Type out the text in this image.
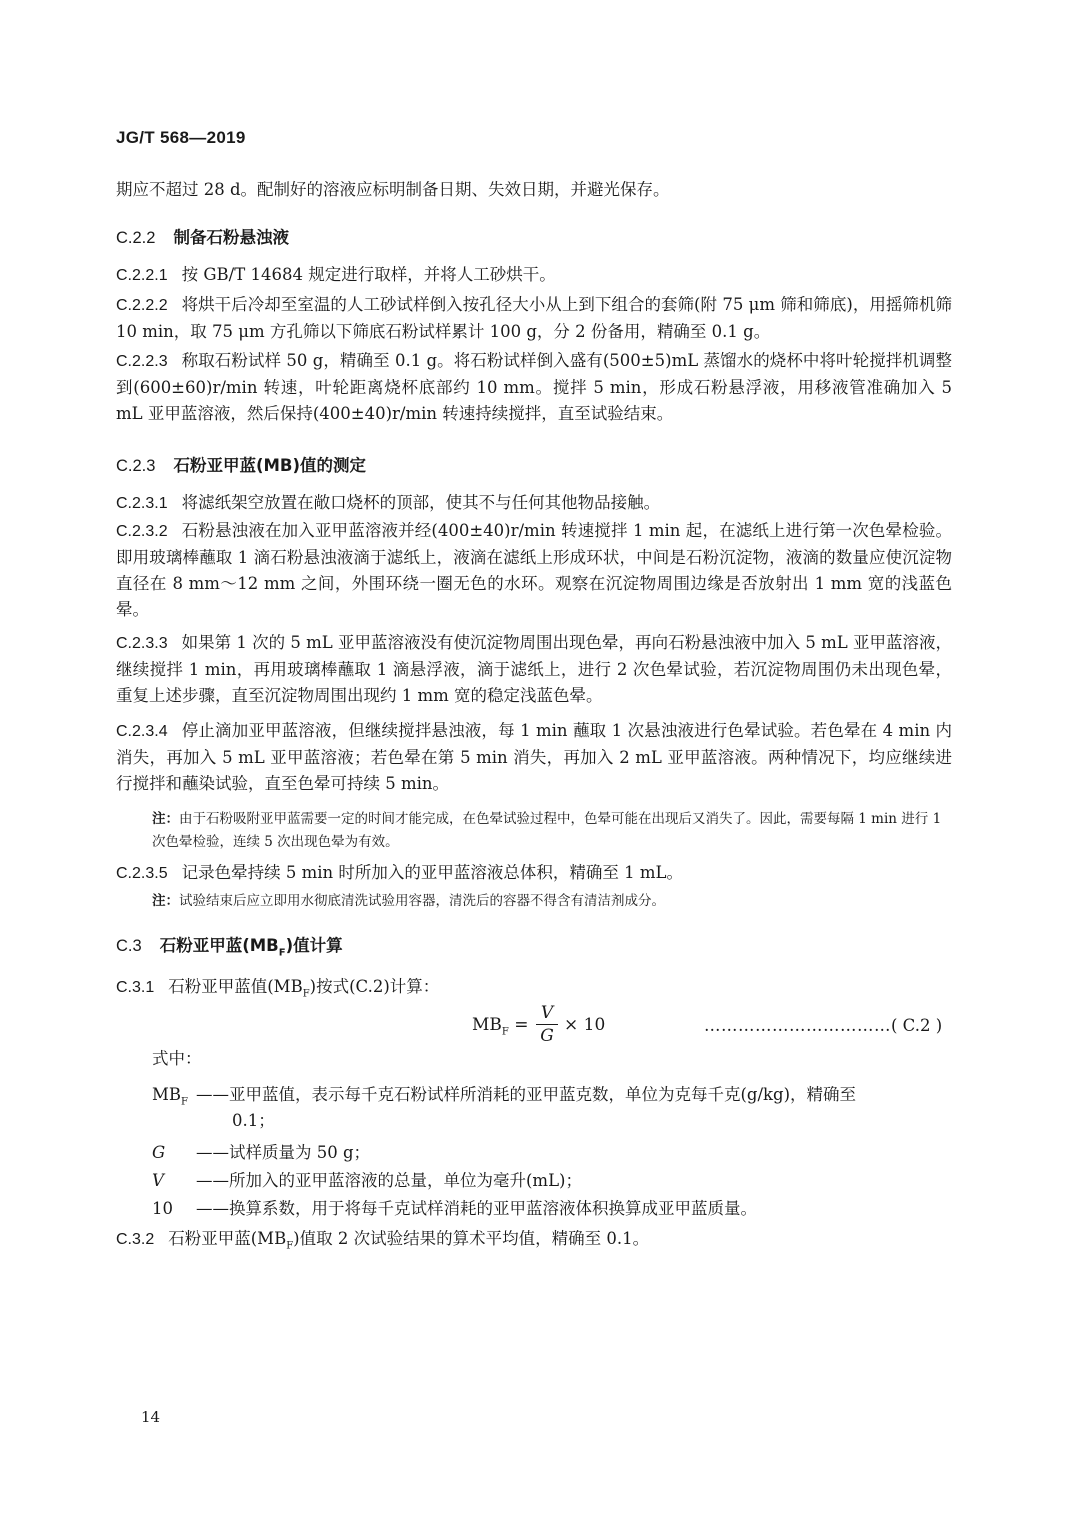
JG/T 568—2019
期应不超过 28 d。配制好的溶液应标明制备日期、失效日期，并避光保存。
C.2.2 制备石粉悬浊液
C.2.2.1 按 GB/T 14684 规定进行取样，并将人工砂烘干。
C.2.2.2 将烘干后冷却至室温的人工砂试样倒入按孔径大小从上到下组合的套筛(附 75 μm 筛和筛底)，用摇筛机筛 10 min，取 75 μm 方孔筛以下筛底石粉试样累计 100 g，分 2 份备用，精确至 0.1 g。
C.2.2.3 称取石粉试样 50 g，精确至 0.1 g。将石粉试样倒入盛有(500±5)mL 蒸馏水的烧杯中将叶轮搅拌机调整到(600±60)r/min 转速，叶轮距离烧杯底部约 10 mm。搅拌 5 min，形成石粉悬浮液，用移液管准确加入 5 mL 亚甲蓝溶液，然后保持(400±40)r/min 转速持续搅拌，直至试验结束。
C.2.3 石粉亚甲蓝(MB)值的测定
C.2.3.1 将滤纸架空放置在敞口烧杯的顶部，使其不与任何其他物品接触。
C.2.3.2 石粉悬浊液在加入亚甲蓝溶液并经(400±40)r/min 转速搅拌 1 min 起，在滤纸上进行第一次色晕检验。即用玻璃棒蘸取 1 滴石粉悬浊液滴于滤纸上，液滴在滤纸上形成环状，中间是石粉沉淀物，液滴的数量应使沉淀物直径在 8 mm～12 mm 之间，外围环绕一圈无色的水环。观察在沉淀物周围边缘是否放射出 1 mm 宽的浅蓝色晕。
C.2.3.3 如果第 1 次的 5 mL 亚甲蓝溶液没有使沉淀物周围出现色晕，再向石粉悬浊液中加入 5 mL 亚甲蓝溶液，继续搅拌 1 min，再用玻璃棒蘸取 1 滴悬浮液，滴于滤纸上，进行 2 次色晕试验，若沉淀物周围仍未出现色晕，重复上述步骤，直至沉淀物周围出现约 1 mm 宽的稳定浅蓝色晕。
C.2.3.4 停止滴加亚甲蓝溶液，但继续搅拌悬浊液，每 1 min 蘸取 1 次悬浊液进行色晕试验。若色晕在 4 min 内消失，再加入 5 mL 亚甲蓝溶液；若色晕在第 5 min 消失，再加入 2 mL 亚甲蓝溶液。两种情况下，均应继续进行搅拌和蘸染试验，直至色晕可持续 5 min。
注：由于石粉吸附亚甲蓝需要一定的时间才能完成，在色晕试验过程中，色晕可能在出现后又消失了。因此，需要每隔 1 min 进行 1 次色晕检验，连续 5 次出现色晕为有效。
C.2.3.5 记录色晕持续 5 min 时所加入的亚甲蓝溶液总体积，精确至 1 mL。
注：试验结束后应立即用水彻底清洗试验用容器，清洗后的容器不得含有清洁剂成分。
C.3 石粉亚甲蓝$(MB_F)$值计算
C.3.1 石粉亚甲蓝值$(MB_F)$按式(C.2)计算：
$MB_F$ =
V
G
× 10	……………………………( C.2 )
式中：
$MB_F$ ——亚甲蓝值，表示每千克石粉试样所消耗的亚甲蓝克数，单位为克每千克(g/kg)，精确至
0.1；
G ——试样质量为 50 g；
V ——所加入的亚甲蓝溶液的总量，单位为毫升(mL)；
10 ——换算系数，用于将每千克试样消耗的亚甲蓝溶液体积换算成亚甲蓝质量。
C.3.2 石粉亚甲蓝$(MB_F)$值取 2 次试验结果的算术平均值，精确至 0.1。
14
